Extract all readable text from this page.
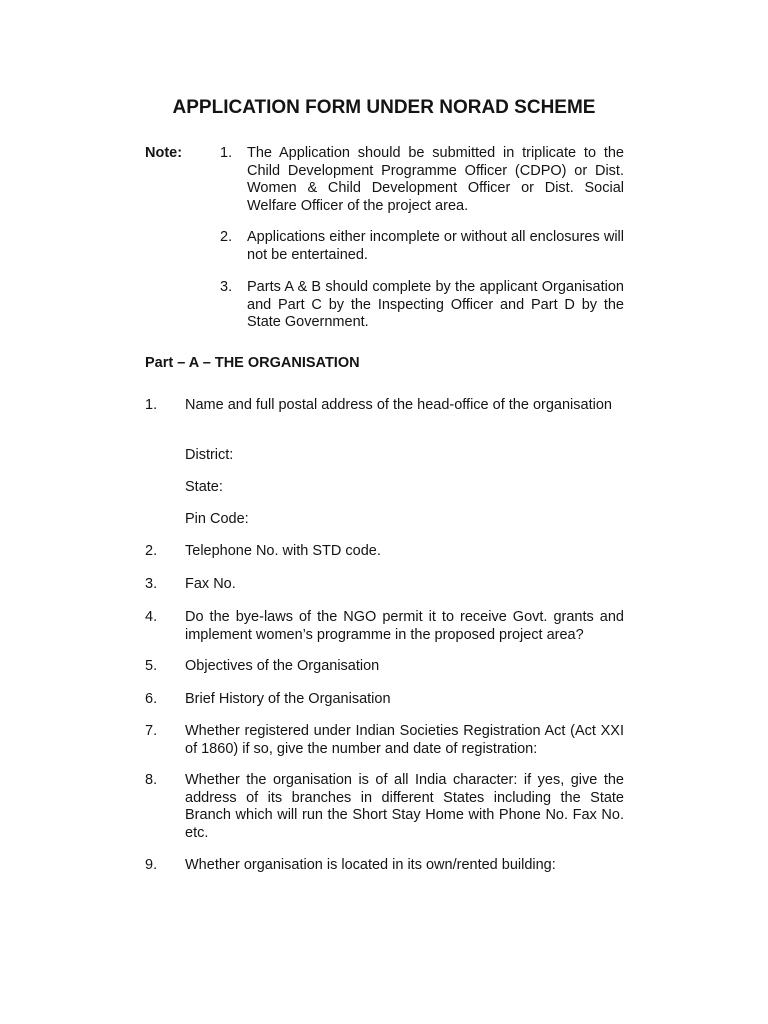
APPLICATION FORM UNDER NORAD SCHEME
Note:	1.	The Application should be submitted in triplicate to the Child Development Programme Officer (CDPO) or Dist. Women & Child Development Officer or Dist. Social Welfare Officer of the project area.
2.	Applications either incomplete or without all enclosures will not be entertained.
3.	Parts A & B should complete by the applicant Organisation and Part C by the Inspecting Officer and Part D by the State Government.
Part – A – THE ORGANISATION
1.	Name and full postal address of the head-office of the organisation
District:
State:
Pin Code:
2.	Telephone No. with STD code.
3.	Fax No.
4.	Do the bye-laws of the NGO permit it to receive Govt. grants and implement women’s programme in the proposed project area?
5.	Objectives of the Organisation
6.	Brief History of the Organisation
7.	Whether registered under Indian Societies Registration Act (Act XXI of 1860) if so, give the number and date of registration:
8.	Whether the organisation is of all India character: if yes, give the address of its branches in different States including the State Branch which will run the Short Stay Home with Phone No. Fax No. etc.
9.	Whether organisation is located in its own/rented building:
